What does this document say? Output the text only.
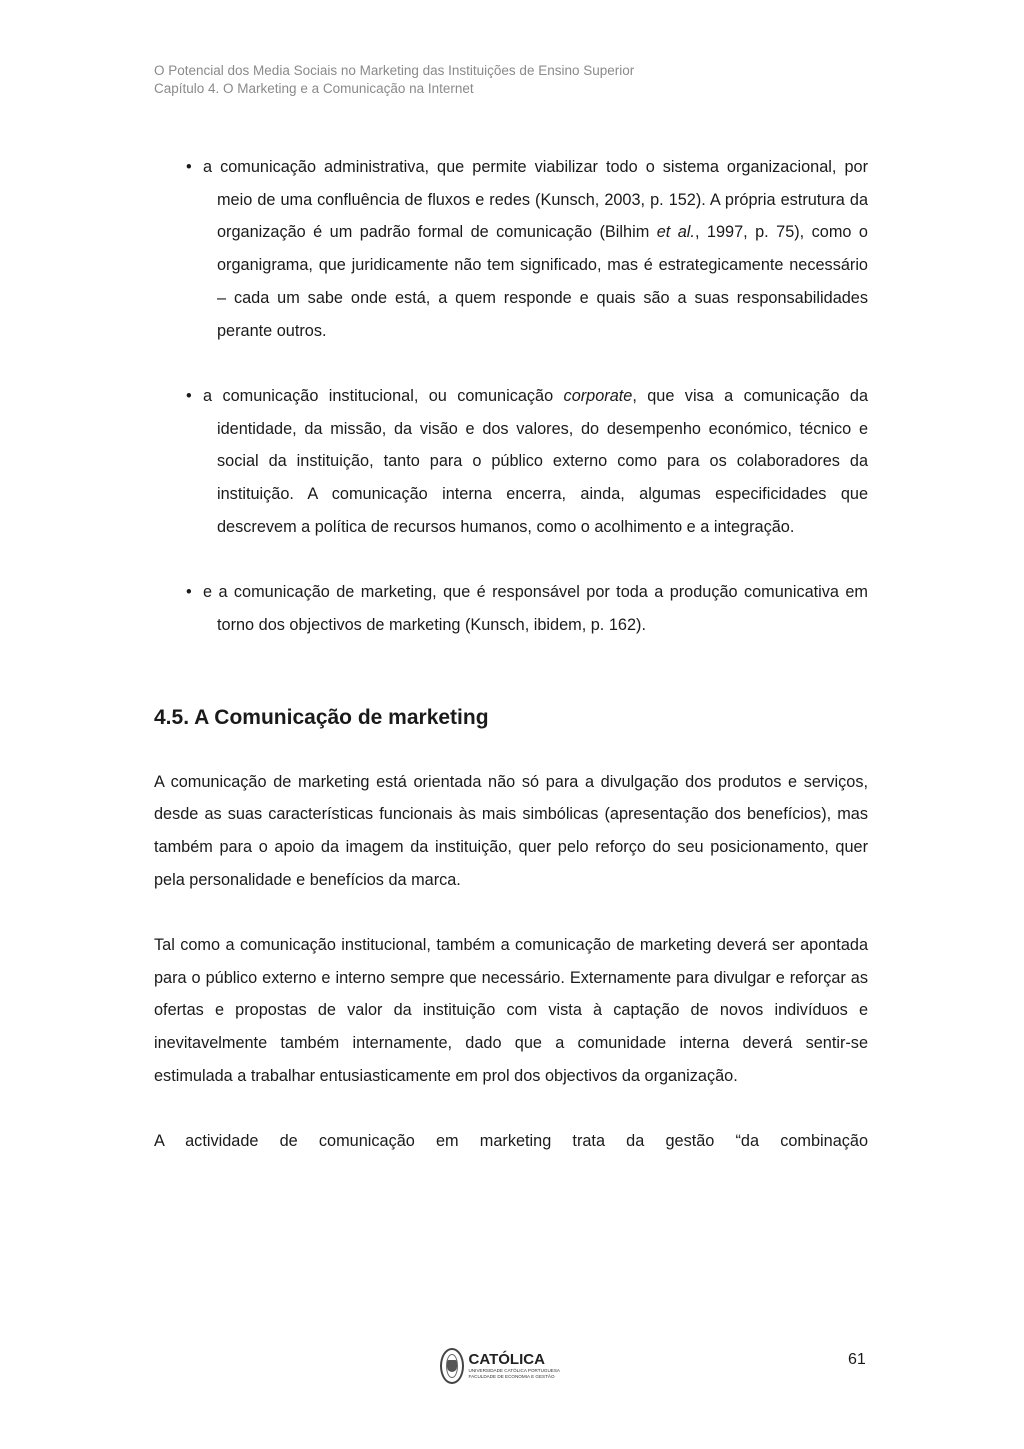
O Potencial dos Media Sociais no Marketing das Instituições de Ensino Superior
Capítulo 4. O Marketing e a Comunicação na Internet
• a comunicação administrativa, que permite viabilizar todo o sistema organizacional, por meio de uma confluência de fluxos e redes (Kunsch, 2003, p. 152). A própria estrutura da organização é um padrão formal de comunicação (Bilhim et al., 1997, p. 75), como o organigrama, que juridicamente não tem significado, mas é estrategicamente necessário – cada um sabe onde está, a quem responde e quais são a suas responsabilidades perante outros.
• a comunicação institucional, ou comunicação corporate, que visa a comunicação da identidade, da missão, da visão e dos valores, do desempenho económico, técnico e social da instituição, tanto para o público externo como para os colaboradores da instituição. A comunicação interna encerra, ainda, algumas especificidades que descrevem a política de recursos humanos, como o acolhimento e a integração.
• e a comunicação de marketing, que é responsável por toda a produção comunicativa em torno dos objectivos de marketing (Kunsch, ibidem, p. 162).
4.5. A Comunicação de marketing

A comunicação de marketing está orientada não só para a divulgação dos produtos e serviços, desde as suas características funcionais às mais simbólicas (apresentação dos benefícios), mas também para o apoio da imagem da instituição, quer pelo reforço do seu posicionamento, quer pela personalidade e benefícios da marca.

Tal como a comunicação institucional, também a comunicação de marketing deverá ser apontada para o público externo e interno sempre que necessário. Externamente para divulgar e reforçar as ofertas e propostas de valor da instituição com vista à captação de novos indivíduos e inevitavelmente também internamente, dado que a comunidade interna deverá sentir-se estimulada a trabalhar entusiasticamente em prol dos objectivos da organização.

A actividade de comunicação em marketing trata da gestão “da combinação

CATÓLICA
UNIVERSIDADE CATÓLICA PORTUGUESA
FACULDADE DE ECONOMIA E GESTÃO
61
